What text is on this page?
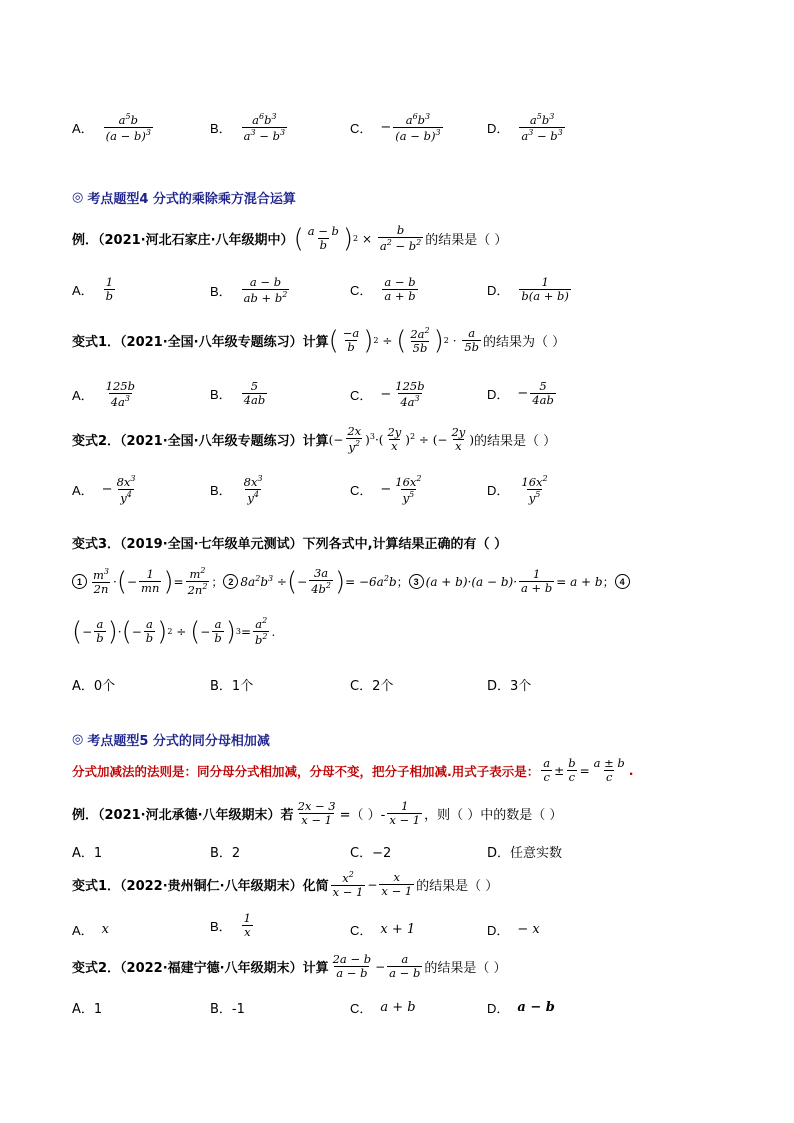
A．
$a^5b$
$(a - b)^3$	B．
$a^6b^3$
$a^3 - b^3$	C． − $\frac{a^6b^3}{(a - b)^3}$	D．
$a^5b^3$
$a^3 - b^3$
◎ 考点题型4 分式的乘除乘方混合运算
例．（2021·河北石家庄·八年级期中） ( a − b
b ) $2 \times \frac{b}{a^2 - b^2}$ 的结果是（ ）
A．
1
b	B．
a − b
ab + $b^2$	C．
a − b
a + b	D．
1
b(a + b)
变式1．（2021·全国·八年级专题练习）计算 ( −a
b ) 2 ÷ ( $2a^2$
5b ) 2 ·
a
5b 的结果为（ ）
A．
125b
$4a^3$	B．
5
4ab	C． − $\frac{125b}{4a^3}$	D． − $\frac{5}{4ab}$
变式2．（2021·全国·八年级专题练习）计算 (− $\frac{2x}{y^2} )^3\cdot$(
2y
x )$^2$ ÷ (− $\frac{2y}{x}$ ) 的结果是（ ）
A． − $\frac{8x^3}{y^4}$	B．
$8x^3$
$y^4$	C． − $\frac{16x^2}{y^5}$	D．
$16x^2$
$y^5$
变式3．（2019·全国·七年级单元测试）下列各式中,计算结果正确的有（ ）
1 $m^3$
2n
· ( − $\frac{1}{mn}$ ) = $\frac{m^2}{2n^2}$ ； 2 $8a^2b^3$ ÷ ( − $\frac{3a}{4b^2}$ ) = $-6a^2b$ ； 3 $(a + b)\cdot(a - b)\cdot \frac{1}{a + b} = a + b$ ； 4
( − $\frac{a}{b}$ ) · ( − $\frac{a}{b}$ ) 2 ÷ ( − $\frac{a}{b}$ ) $3 = \frac{a^2}{b^2}$ .
A．0个	B．1个	C．2个	D．3个
◎ 考点题型5 分式的同分母相加减
分式加减法的法则是：同分母分式相加减，分母不变，把分子相加减.用式子表示是：
a
$c \pm \frac{b}{c} = \frac{a \pm b}{c}$ .
例．（2021·河北承德·八年级期末）若 $\frac{2x - 3}{x - 1}$ =（ ）-
1
x − 1 ，则（ ）中的数是（ ）
A．1	B．2	C．−2	D．任意实数
变式1．（2022·贵州铜仁·八年级期末）化简
$x^2$
x − 1
− $\frac{x}{x - 1}$ 的结果是（ ）
A． x	B．
1
x	C． x + 1	D． − x
变式2．（2022·福建宁德·八年级期末）计算
2a − b
$a - b - \frac{a}{a - b}$ 的结果是（ ）
A．1	B．-1	C． a + b	D． a − b
